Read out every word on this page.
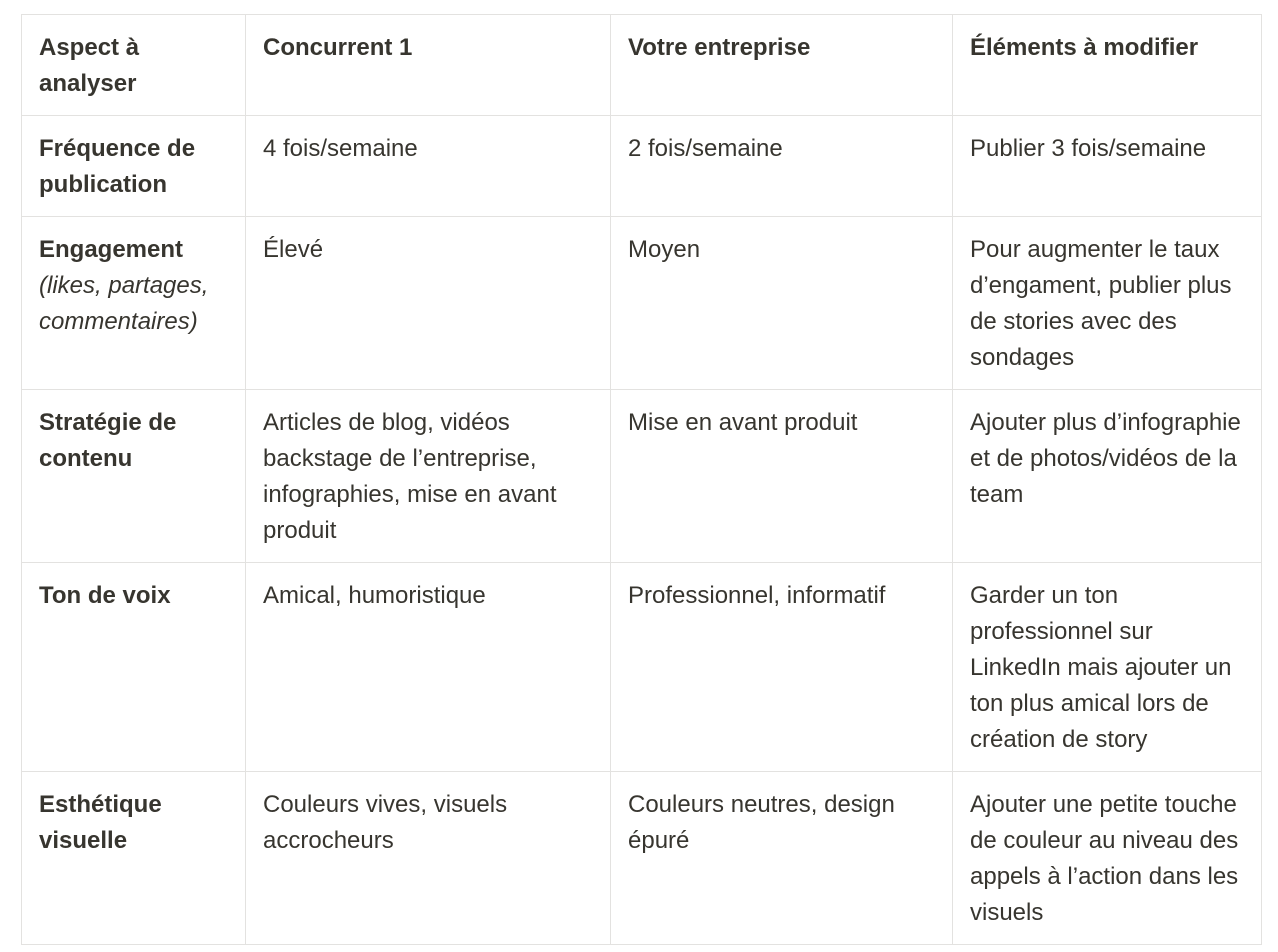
Aspect à analyser	Concurrent 1	Votre entreprise	Éléments à modifier
Fréquence de publication	4 fois/semaine	2 fois/semaine	Publier 3 fois/semaine
Engagement (likes, partages, commentaires)	Élevé	Moyen	Pour augmenter le taux d’engament, publier plus de stories avec des sondages
Stratégie de contenu	Articles de blog, vidéos backstage de l’entreprise, infographies, mise en avant produit	Mise en avant produit	Ajouter plus d’infographie et de photos/vidéos de la team
Ton de voix	Amical, humoristique	Professionnel, informatif	Garder un ton professionnel sur LinkedIn mais ajouter un ton plus amical lors de création de story
Esthétique visuelle	Couleurs vives, visuels accrocheurs	Couleurs neutres, design épuré	Ajouter une petite touche de couleur au niveau des appels à l’action dans les visuels
